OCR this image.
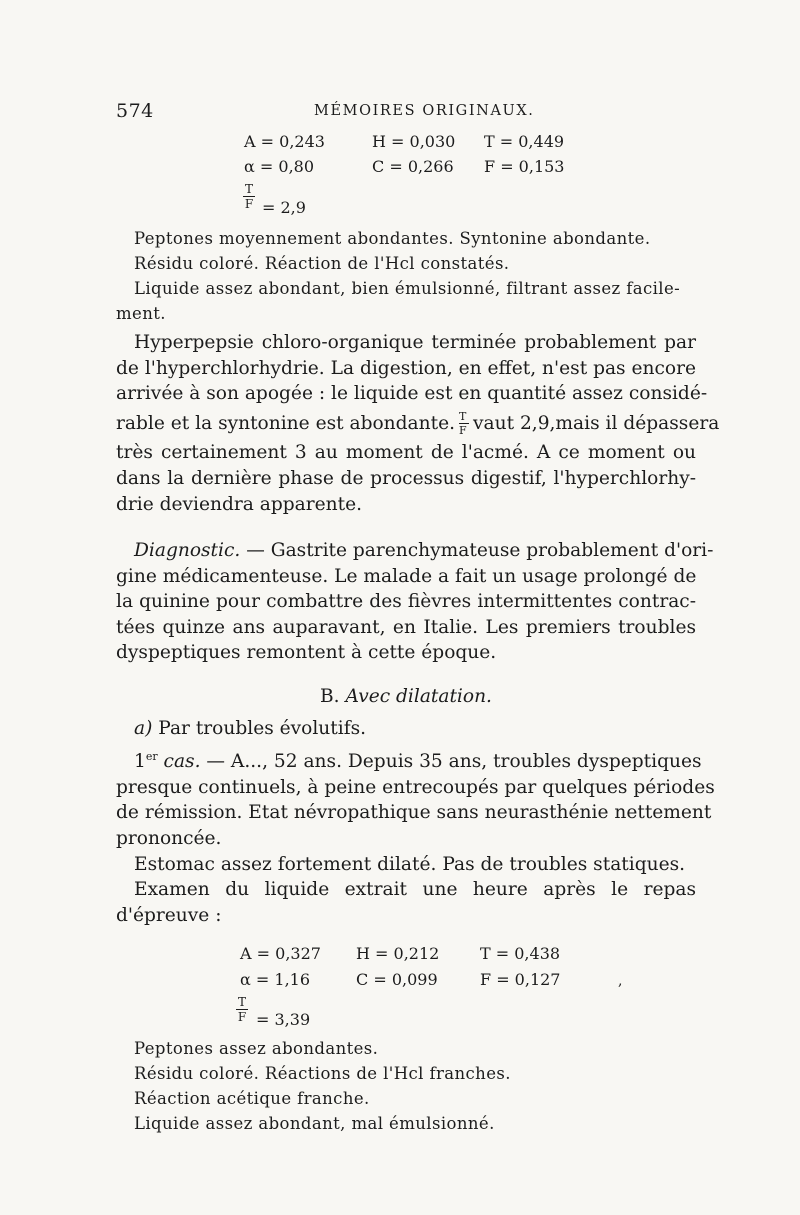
574	MÉMOIRES ORIGINAUX.
A = 0,243	H = 0,030 T = 0,449
α = 0,80	C = 0,266 F = 0,153
T
F = 2,9
Peptones moyennement abondantes. Syntonine abondante.
Résidu coloré. Réaction de l'Hcl constatés.
Liquide assez abondant, bien émulsionné, filtrant assez facile-
ment.
Hyperpepsie chloro-organique terminée probablement par
de l'hyperchlorhydrie. La digestion, en effet, n'est pas encore
arrivée à son apogée : le liquide est en quantité assez considé-
rable et la syntonine est abondante. $\frac{T}{F}$ vaut 2,9,mais il dépassera
très certainement 3 au moment de l'acmé. A ce moment ou
dans la dernière phase de processus digestif, l'hyperchlorhy-
drie deviendra apparente.
Diagnostic. — Gastrite parenchymateuse probablement d'ori-
gine médicamenteuse. Le malade a fait un usage prolongé de
la quinine pour combattre des fièvres intermittentes contrac-
tées quinze ans auparavant, en Italie. Les premiers troubles
dyspeptiques remontent à cette époque.
B. Avec dilatation.
a) Par troubles évolutifs.
1er cas. — A..., 52 ans. Depuis 35 ans, troubles dyspeptiques
presque continuels, à peine entrecoupés par quelques périodes
de rémission. Etat névropathique sans neurasthénie nettement
prononcée.
Estomac assez fortement dilaté. Pas de troubles statiques.
Examen du liquide extrait une heure après le repas
d'épreuve :
A = 0,327 H = 0,212	T = 0,438
α = 1,16	C = 0,099	F = 0,127	,
T
F = 3,39
Peptones assez abondantes.
Résidu coloré. Réactions de l'Hcl franches.
Réaction acétique franche.
Liquide assez abondant, mal émulsionné.
